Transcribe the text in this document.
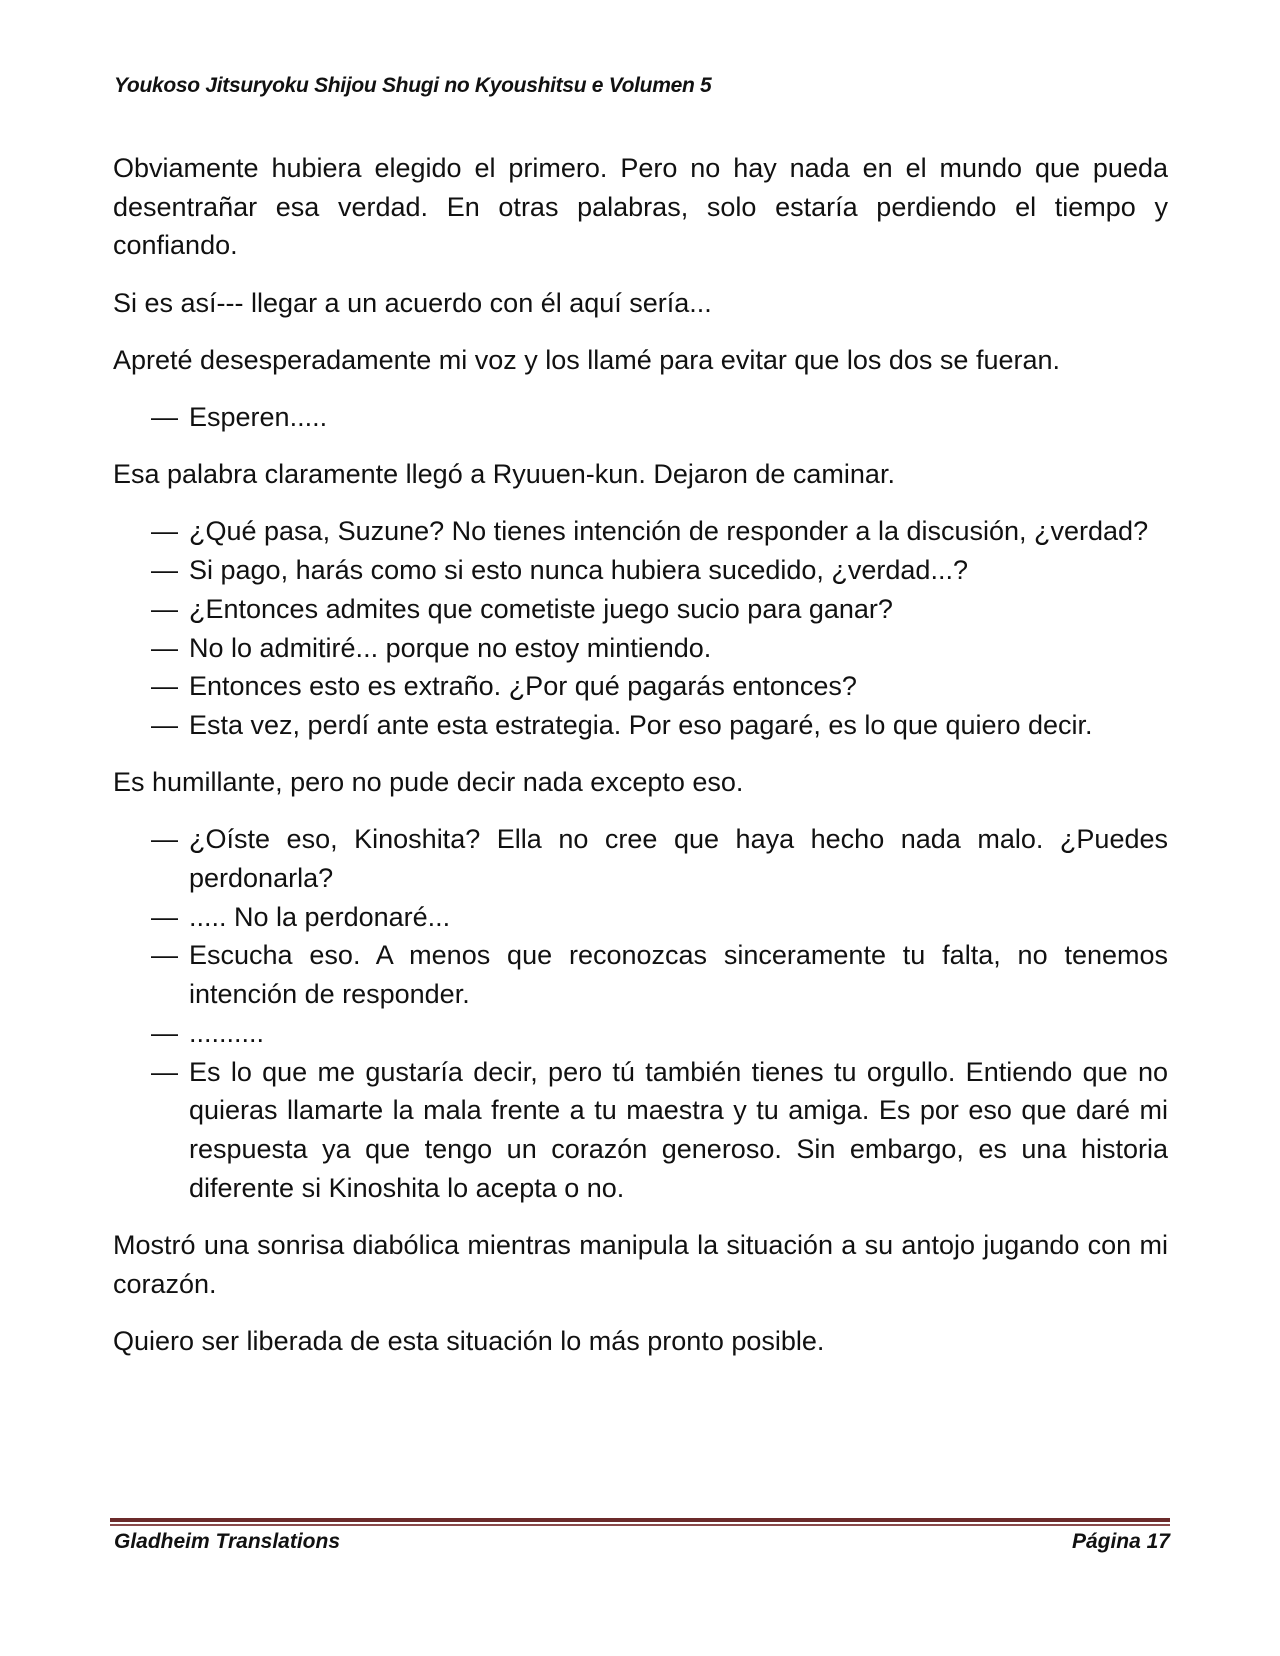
Youkoso Jitsuryoku Shijou Shugi no Kyoushitsu e Volumen 5

Obviamente hubiera elegido el primero. Pero no hay nada en el mundo que pueda desentrañar esa verdad. En otras palabras, solo estaría perdiendo el tiempo y confiando.

Si es así--- llegar a un acuerdo con él aquí sería...

Apreté desesperadamente mi voz y los llamé para evitar que los dos se fueran.

— Esperen.....

Esa palabra claramente llegó a Ryuuen-kun. Dejaron de caminar.

— ¿Qué pasa, Suzune? No tienes intención de responder a la discusión, ¿verdad?
— Si pago, harás como si esto nunca hubiera sucedido, ¿verdad...?
— ¿Entonces admites que cometiste juego sucio para ganar?
— No lo admitiré... porque no estoy mintiendo.
— Entonces esto es extraño. ¿Por qué pagarás entonces?
— Esta vez, perdí ante esta estrategia. Por eso pagaré, es lo que quiero decir.

Es humillante, pero no pude decir nada excepto eso.

— ¿Oíste eso, Kinoshita? Ella no cree que haya hecho nada malo. ¿Puedes perdonarla?
— ..... No la perdonaré...
— Escucha eso. A menos que reconozcas sinceramente tu falta, no tenemos intención de responder.
— ..........
— Es lo que me gustaría decir, pero tú también tienes tu orgullo. Entiendo que no quieras llamarte la mala frente a tu maestra y tu amiga. Es por eso que daré mi respuesta ya que tengo un corazón generoso. Sin embargo, es una historia diferente si Kinoshita lo acepta o no.

Mostró una sonrisa diabólica mientras manipula la situación a su antojo jugando con mi corazón.

Quiero ser liberada de esta situación lo más pronto posible.

Gladheim Translations	Página 17
